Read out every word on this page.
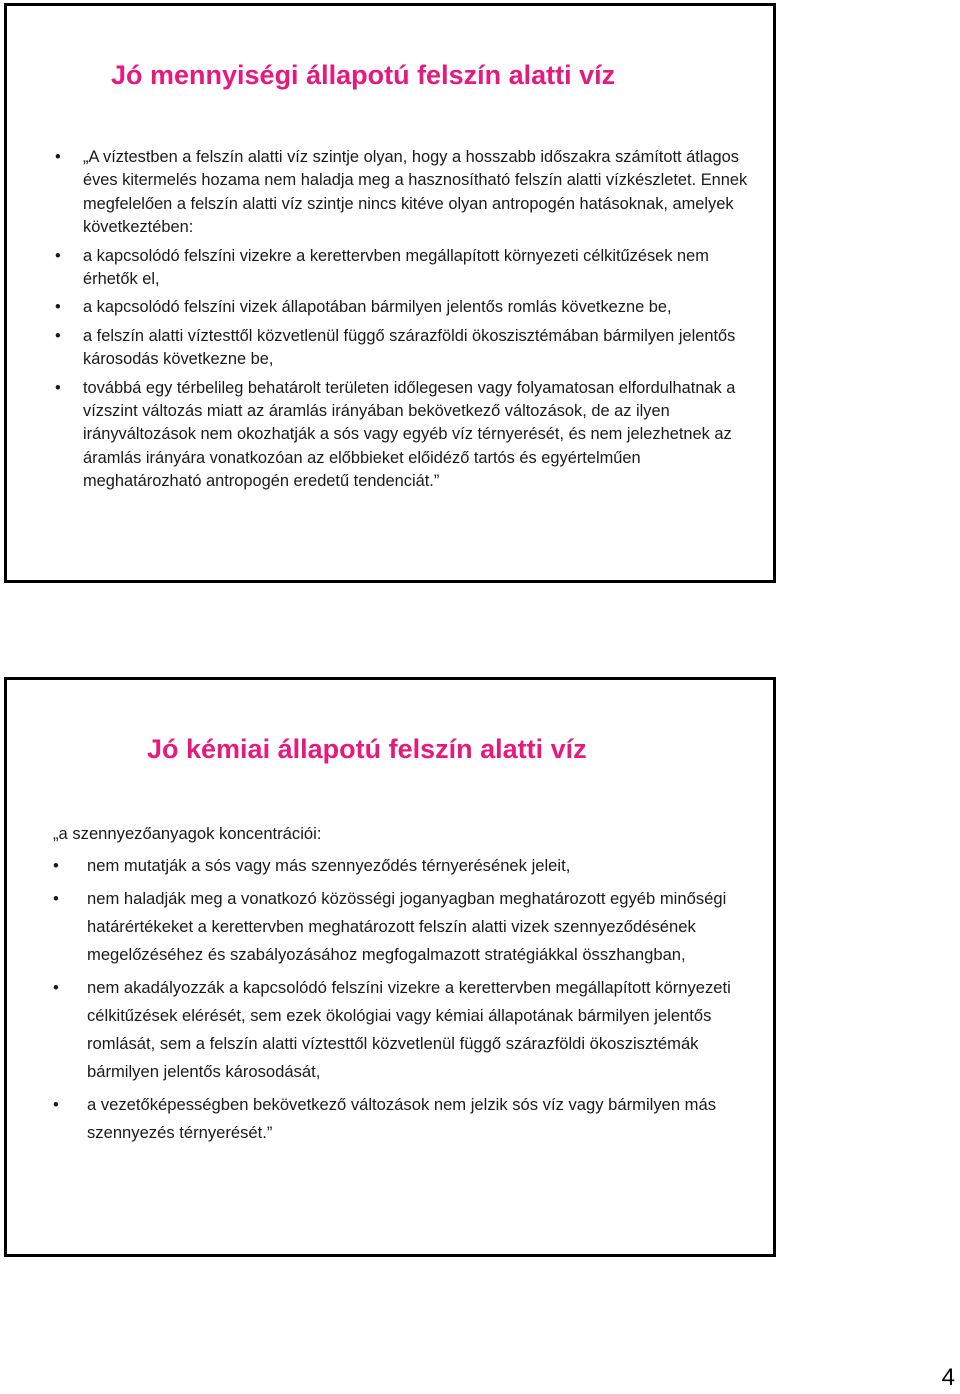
Jó mennyiségi állapotú felszín alatti víz
•	„A víztestben a felszín alatti víz szintje olyan, hogy a hosszabb időszakra számított átlagos éves kitermelés hozama nem haladja meg a hasznosítható felszín alatti vízkészletet. Ennek megfelelően a felszín alatti víz szintje nincs kitéve olyan antropogén hatásoknak, amelyek következtében:
•	a kapcsolódó felszíni vizekre a kerettervben megállapított környezeti célkitűzések nem érhetők el,
•	a kapcsolódó felszíni vizek állapotában bármilyen jelentős romlás következne be,
•	a felszín alatti víztesttől közvetlenül függő szárazföldi ökoszisztémában bármilyen jelentős károsodás következne be,
•	továbbá egy térbelileg behatárolt területen időlegesen vagy folyamatosan elfordulhatnak a vízszint változás miatt az áramlás irányában bekövetkező változások, de az ilyen irányváltozások nem okozhatják a sós vagy egyéb víz térnyerését, és nem jelezhetnek az áramlás irányára vonatkozóan az előbbieket előidéző tartós és egyértelműen meghatározható antropogén eredetű tendenciát.”
Jó kémiai állapotú felszín alatti víz
„a szennyezőanyagok koncentrációi:
•	nem mutatják a sós vagy más szennyeződés térnyerésének jeleit,
•	nem haladják meg a vonatkozó közösségi joganyagban meghatározott egyéb minőségi határértékeket a kerettervben meghatározott felszín alatti vizek szennyeződésének megelőzéséhez és szabályozásához megfogalmazott stratégiákkal összhangban,
•	nem akadályozzák a kapcsolódó felszíni vizekre a kerettervben megállapított környezeti célkitűzések elérését, sem ezek ökológiai vagy kémiai állapotának bármilyen jelentős romlását, sem a felszín alatti víztesttől közvetlenül függő szárazföldi ökoszisztémák bármilyen jelentős károsodását,
•	a vezetőképességben bekövetkező változások nem jelzik sós víz vagy bármilyen más szennyezés térnyerését.”
4
